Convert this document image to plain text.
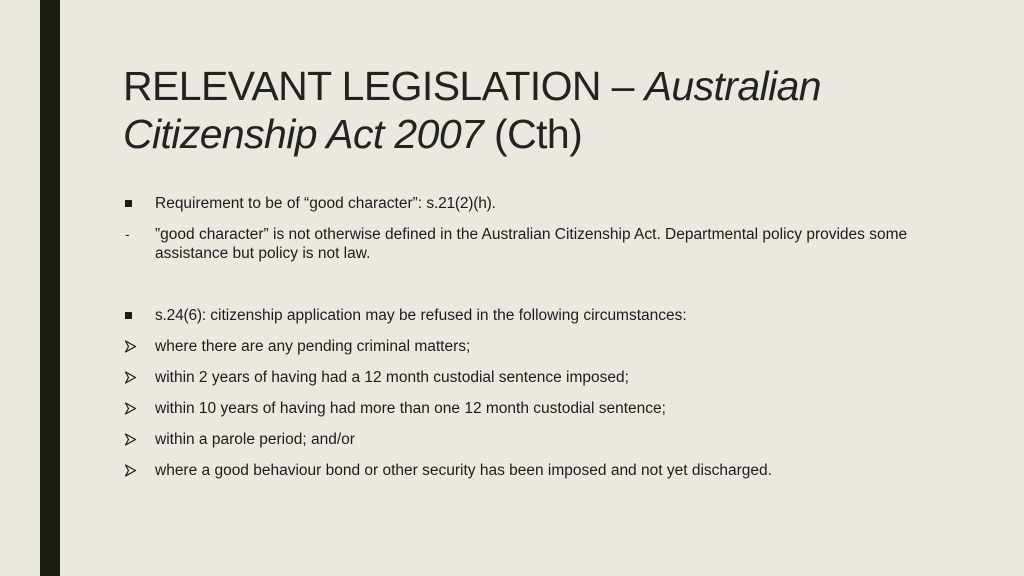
RELEVANT LEGISLATION – Australian Citizenship Act 2007 (Cth)
Requirement to be of “good character”: s.21(2)(h).
- ”good character” is not otherwise defined in the Australian Citizenship Act. Departmental policy provides some assistance but policy is not law.
s.24(6): citizenship application may be refused in the following circumstances:
where there are any pending criminal matters;
within 2 years of having had a 12 month custodial sentence imposed;
within 10 years of having had more than one 12 month custodial sentence;
within a parole period; and/or
where a good behaviour bond or other security has been imposed and not yet discharged.
